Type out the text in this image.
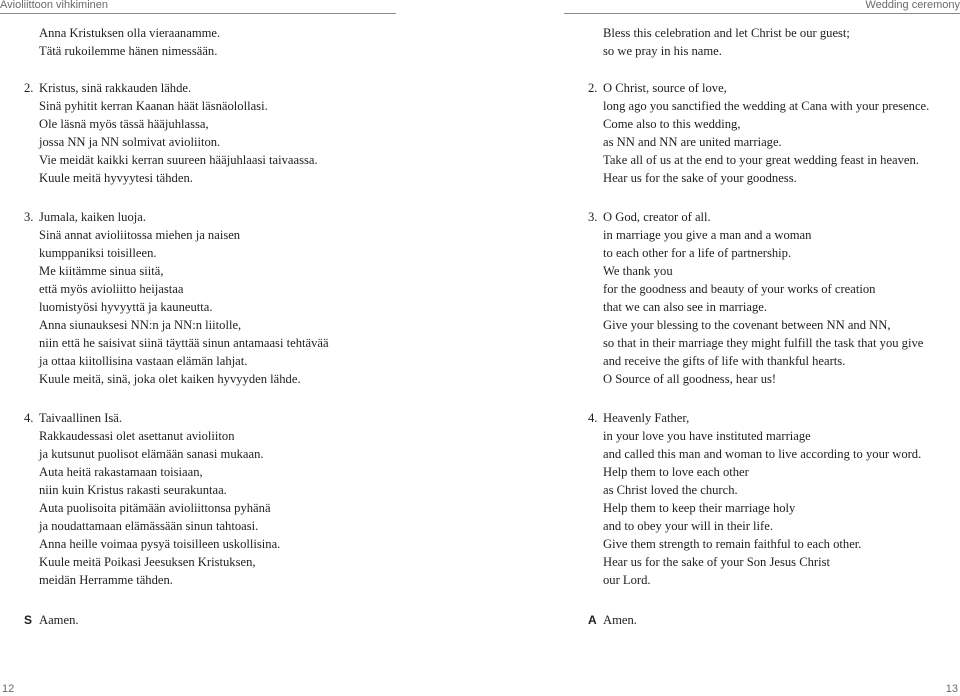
Avioliittoon vihkiminen	Wedding ceremony
Anna Kristuksen olla vieraanamme.
Tätä rukoilemme hänen nimessään.
2. Kristus, sinä rakkauden lähde.
Sinä pyhitit kerran Kaanan häät läsnäolollasi.
Ole läsnä myös tässä hääjuhlassa,
jossa NN ja NN solmivat avioliiton.
Vie meidät kaikki kerran suureen hääjuhlaasi taivaassa.
Kuule meitä hyvyytesi tähden.
3. Jumala, kaiken luoja.
Sinä annat avioliitossa miehen ja naisen
kumppaniksi toisilleen.
Me kiitämme sinua siitä,
että myös avioliitto heijastaa
luomistyösi hyvyyttä ja kauneutta.
Anna siunauksesi NN:n ja NN:n liitolle,
niin että he saisivat siinä täyttää sinun antamaasi tehtävää
ja ottaa kiitollisina vastaan elämän lahjat.
Kuule meitä, sinä, joka olet kaiken hyvyyden lähde.
4. Taivaallinen Isä.
Rakkaudessasi olet asettanut avioliiton
ja kutsunut puolisot elämään sanasi mukaan.
Auta heitä rakastamaan toisiaan,
niin kuin Kristus rakasti seurakuntaa.
Auta puolisoita pitämään avioliittonsa pyhänä
ja noudattamaan elämässään sinun tahtoasi.
Anna heille voimaa pysyä toisilleen uskollisina.
Kuule meitä Poikasi Jeesuksen Kristuksen,
meidän Herramme tähden.
S Aamen.
Bless this celebration and let Christ be our guest;
so we pray in his name.
2. O Christ, source of love,
long ago you sanctified the wedding at Cana with your presence.
Come also to this wedding,
as NN and NN are united marriage.
Take all of us at the end to your great wedding feast in heaven.
Hear us for the sake of your goodness.
3. O God, creator of all.
in marriage you give a man and a woman
to each other for a life of partnership.
We thank you
for the goodness and beauty of your works of creation
that we can also see in marriage.
Give your blessing to the covenant between NN and NN,
so that in their marriage they might fulfill the task that you give
and receive the gifts of life with thankful hearts.
O Source of all goodness, hear us!
4. Heavenly Father,
in your love you have instituted marriage
and called this man and woman to live according to your word.
Help them to love each other
as Christ loved the church.
Help them to keep their marriage holy
and to obey your will in their life.
Give them strength to remain faithful to each other.
Hear us for the sake of your Son Jesus Christ
our Lord.
A Amen.
12	13
